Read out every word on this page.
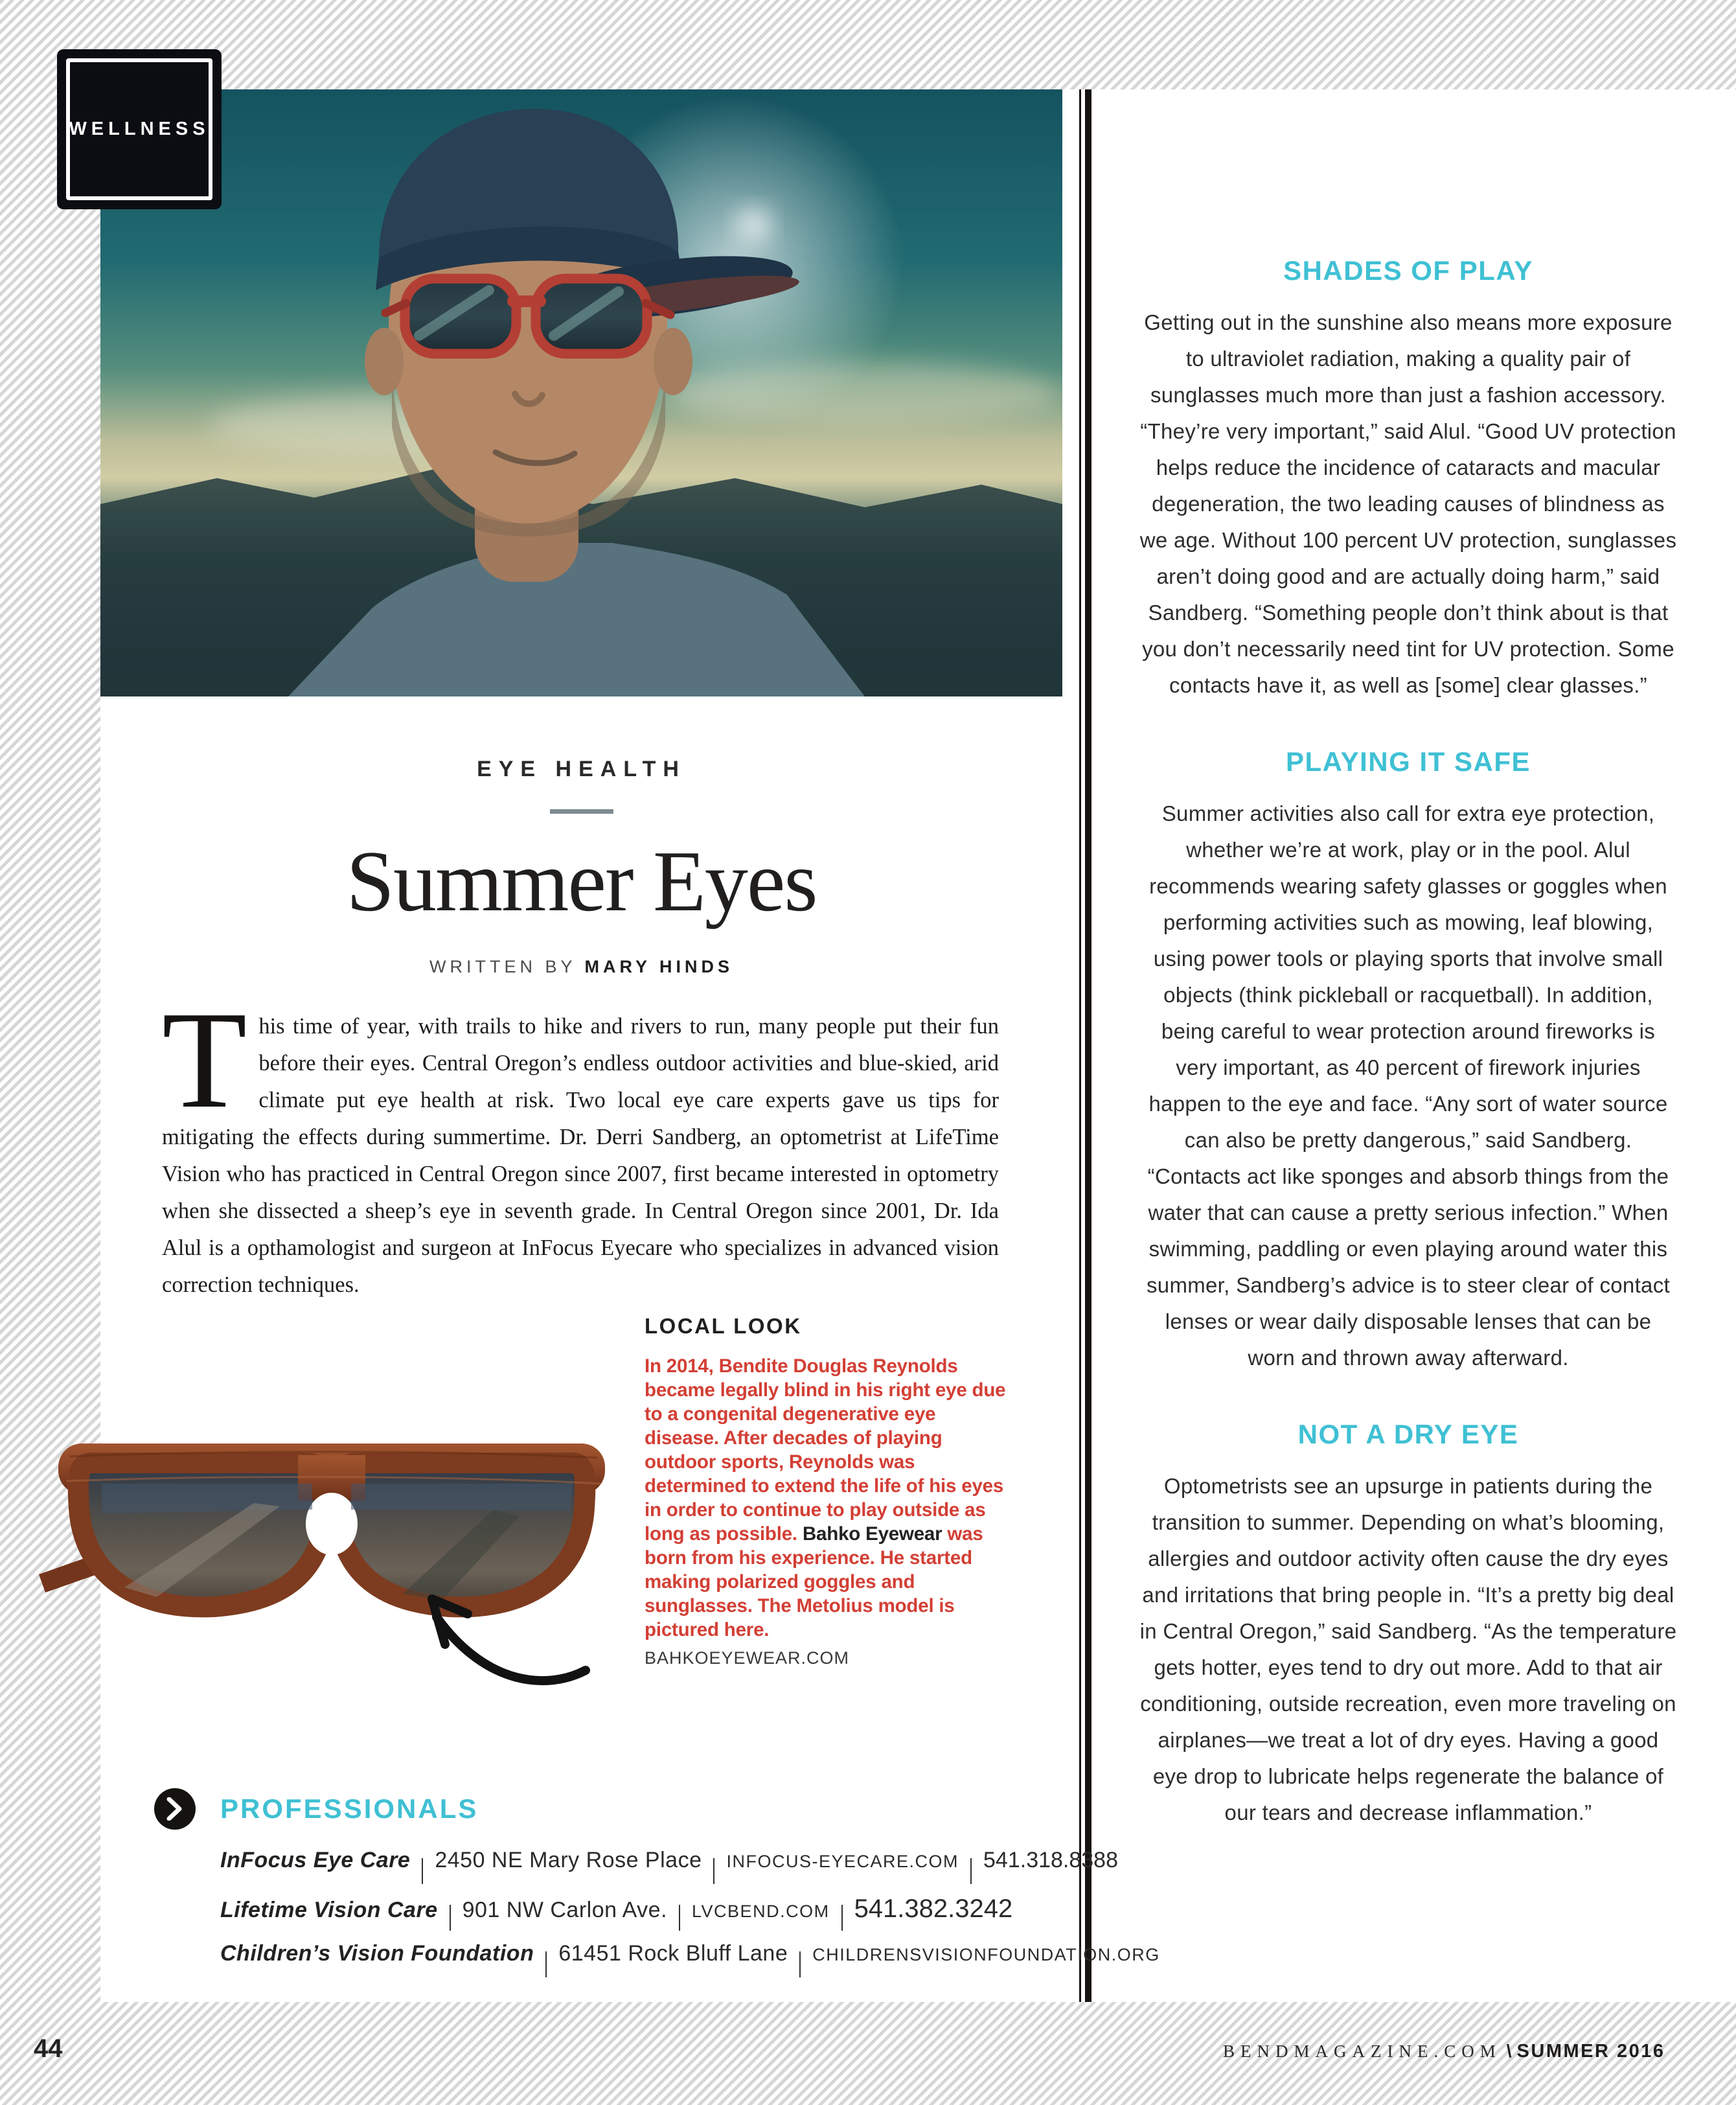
WELLNESS
EYE HEALTH
Summer Eyes
WRITTEN BY MARY HINDS
This time of year, with trails to hike and rivers to run, many people put their fun before their eyes. Central Oregon’s endless outdoor activities and blue-skied, arid climate put eye health at risk. Two local eye care experts gave us tips for mitigating the effects during summertime. Dr. Derri Sandberg, an optometrist at LifeTime Vision who has practiced in Central Oregon since 2007, first became interested in optometry when she dissected a sheep’s eye in seventh grade. In Central Oregon since 2001, Dr. Ida Alul is a opthamologist and surgeon at InFocus Eyecare who specializes in advanced vision correction techniques.
LOCAL LOOK
In 2014, Bendite Douglas Reynolds became legally blind in his right eye due to a congenital degenerative eye disease. After decades of playing outdoor sports, Reynolds was determined to extend the life of his eyes in order to continue to play outside as long as possible. Bahko Eyewear was born from his experience. He started making polarized goggles and sunglasses. The Metolius model is pictured here.
BAHKOEYEWEAR.COM
PROFESSIONALS
InFocus Eye Care 2450 NE Mary Rose Place INFOCUS-EYECARE.COM 541.318.8388
Lifetime Vision Care 901 NW Carlon Ave. LVCBEND.COM 541.382.3242
Children’s Vision Foundation 61451 Rock Bluff Lane CHILDRENSVISIONFOUNDATION.ORG
SHADES OF PLAY

Getting out in the sunshine also means more exposure to ultraviolet radiation, making a quality pair of sunglasses much more than just a fashion accessory. “They’re very important,” said Alul. “Good UV protection helps reduce the incidence of cataracts and macular degeneration, the two leading causes of blindness as we age. Without 100 percent UV protection, sunglasses aren’t doing good and are actually doing harm,” said Sandberg. “Something people don’t think about is that you don’t necessarily need tint for UV protection. Some contacts have it, as well as [some] clear glasses.”

PLAYING IT SAFE

Summer activities also call for extra eye protection, whether we’re at work, play or in the pool. Alul recommends wearing safety glasses or goggles when performing activities such as mowing, leaf blowing, using power tools or playing sports that involve small objects (think pickleball or racquetball). In addition, being careful to wear protection around fireworks is very important, as 40 percent of firework injuries happen to the eye and face. “Any sort of water source can also be pretty dangerous,” said Sandberg. “Contacts act like sponges and absorb things from the water that can cause a pretty serious infection.” When swimming, paddling or even playing around water this summer, Sandberg’s advice is to steer clear of contact lenses or wear daily disposable lenses that can be worn and thrown away afterward.

NOT A DRY EYE

Optometrists see an upsurge in patients during the transition to summer. Depending on what’s blooming, allergies and outdoor activity often cause the dry eyes and irritations that bring people in. “It’s a pretty big deal in Central Oregon,” said Sandberg. “As the temperature gets hotter, eyes tend to dry out more. Add to that air conditioning, outside recreation, even more traveling on airplanes—we treat a lot of dry eyes. Having a good eye drop to lubricate helps regenerate the balance of our tears and decrease inflammation.”

44	BENDMAGAZINE.COM \ SUMMER 2016
